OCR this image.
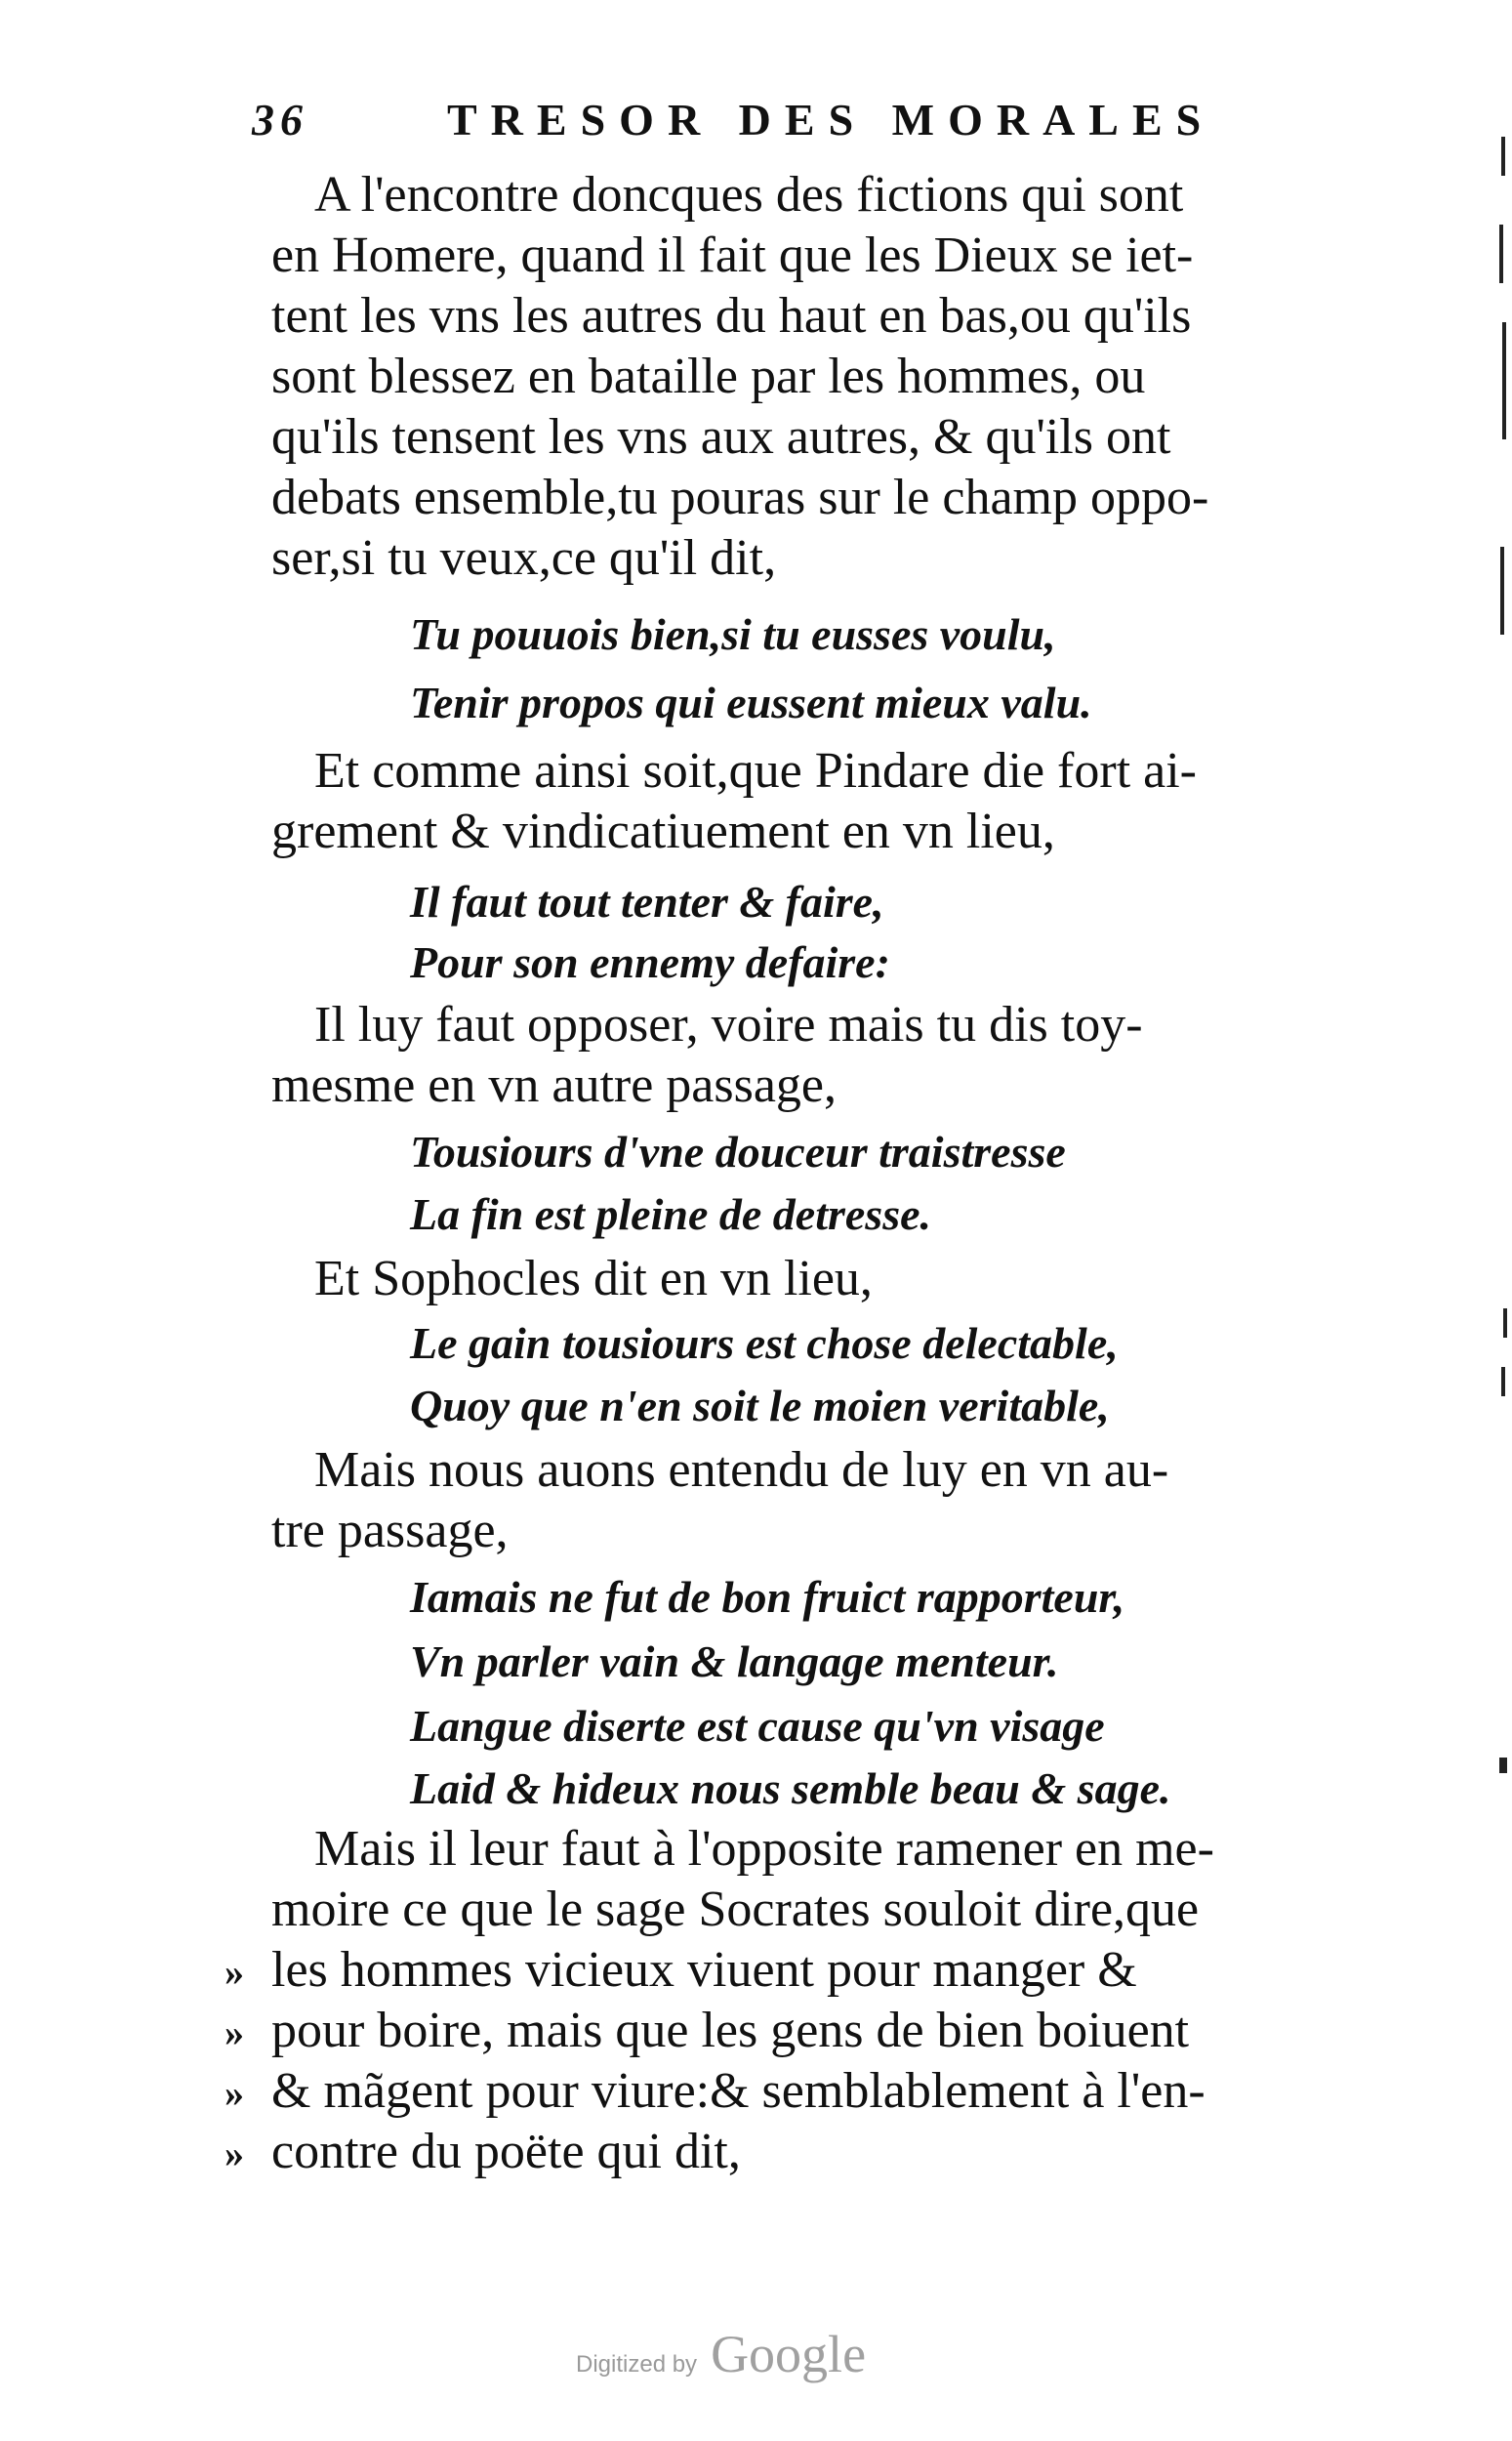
36	TRESOR DES MORALES
A l'encontre doncques des fictions qui sont
en Homere, quand il fait que les Dieux se iet-
tent les vns les autres du haut en bas,ou qu'ils
sont blessez en bataille par les hommes, ou
qu'ils tensent les vns aux autres, & qu'ils ont
debats ensemble,tu pouras sur le champ oppo-
ser,si tu veux,ce qu'il dit,
Tu pouuois bien,si tu eusses voulu,
Tenir propos qui eussent mieux valu.
Et comme ainsi soit,que Pindare die fort ai-
grement & vindicatiuement en vn lieu,
Il faut tout tenter & faire,
Pour son ennemy defaire:
Il luy faut opposer, voire mais tu dis toy-
mesme en vn autre passage,
Tousiours d'vne douceur traistresse
La fin est pleine de detresse.
Et Sophocles dit en vn lieu,
Le gain tousiours est chose delectable,
Quoy que n'en soit le moien veritable,
Mais nous auons entendu de luy en vn au-
tre passage,
Iamais ne fut de bon fruict rapporteur,
Vn parler vain & langage menteur.
Langue diserte est cause qu'vn visage
Laid & hideux nous semble beau & sage.
Mais il leur faut à l'opposite ramener en me-
moire ce que le sage Socrates souloit dire,que
» les hommes vicieux viuent pour manger &
» pour boire, mais que les gens de bien boiuent
» & mãgent pour viure:& semblablement à l'en-
» contre du poëte qui dit,
Digitized by Google
